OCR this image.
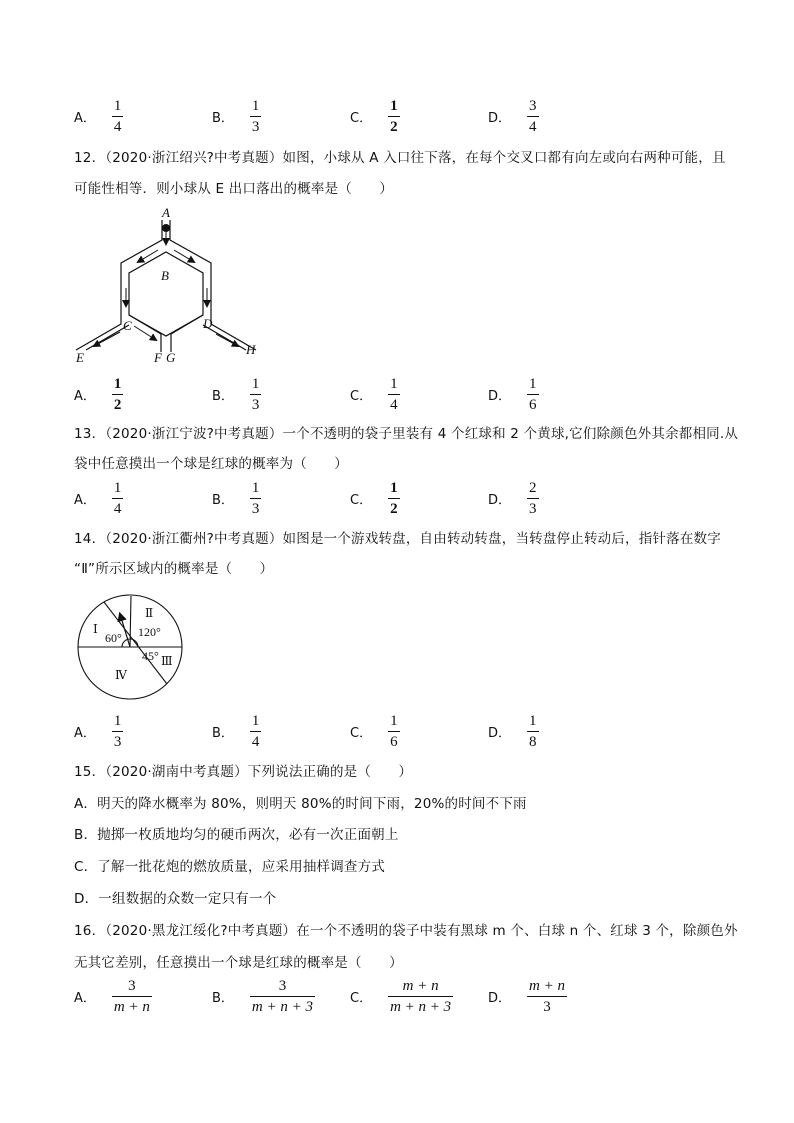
A． $\frac{1}{4}$	B． $\frac{1}{3}$	C． $\frac{1}{2}$	D． $\frac{3}{4}$
12．（2020·浙江绍兴?中考真题）如图，小球从 A 入口往下落，在每个交叉口都有向左或向右两种可能，且
可能性相等．则小球从 E 出口落出的概率是（　　）
A
B
C	D
E	F G
H
A． $\frac{1}{2}$	B． $\frac{1}{3}$	C． $\frac{1}{4}$	D． $\frac{1}{6}$
13．（2020·浙江宁波?中考真题）一个不透明的袋子里装有 4 个红球和 2 个黄球,它们除颜色外其余都相同.从
袋中任意摸出一个球是红球的概率为（　　）
A． $\frac{1}{4}$	B． $\frac{1}{3}$	C． $\frac{1}{2}$	D． $\frac{2}{3}$
14．（2020·浙江衢州?中考真题）如图是一个游戏转盘，自由转动转盘，当转盘停止转动后，指针落在数字
“Ⅱ”所示区域内的概率是（　　）
Ⅰ
Ⅱ
Ⅲ
Ⅳ
60° 120°
45°
A． $\frac{1}{3}$	B． $\frac{1}{4}$	C． $\frac{1}{6}$	D． $\frac{1}{8}$
15．（2020·湖南中考真题）下列说法正确的是（　　）
A．明天的降水概率为 80%，则明天 80%的时间下雨，20%的时间不下雨
B．抛掷一枚质地均匀的硬币两次，必有一次正面朝上
C．了解一批花炮的燃放质量，应采用抽样调查方式
D．一组数据的众数一定只有一个
16．（2020·黑龙江绥化?中考真题）在一个不透明的袋子中装有黑球 m 个、白球 n 个、红球 3 个，除颜色外
无其它差别，任意摸出一个球是红球的概率是（　　）
A． $\frac{3}{m + n}$	B． $\frac{3}{m + n + 3}$	C． $\frac{m + n}{m + n + 3}$	D． $\frac{m + n}{3}$
